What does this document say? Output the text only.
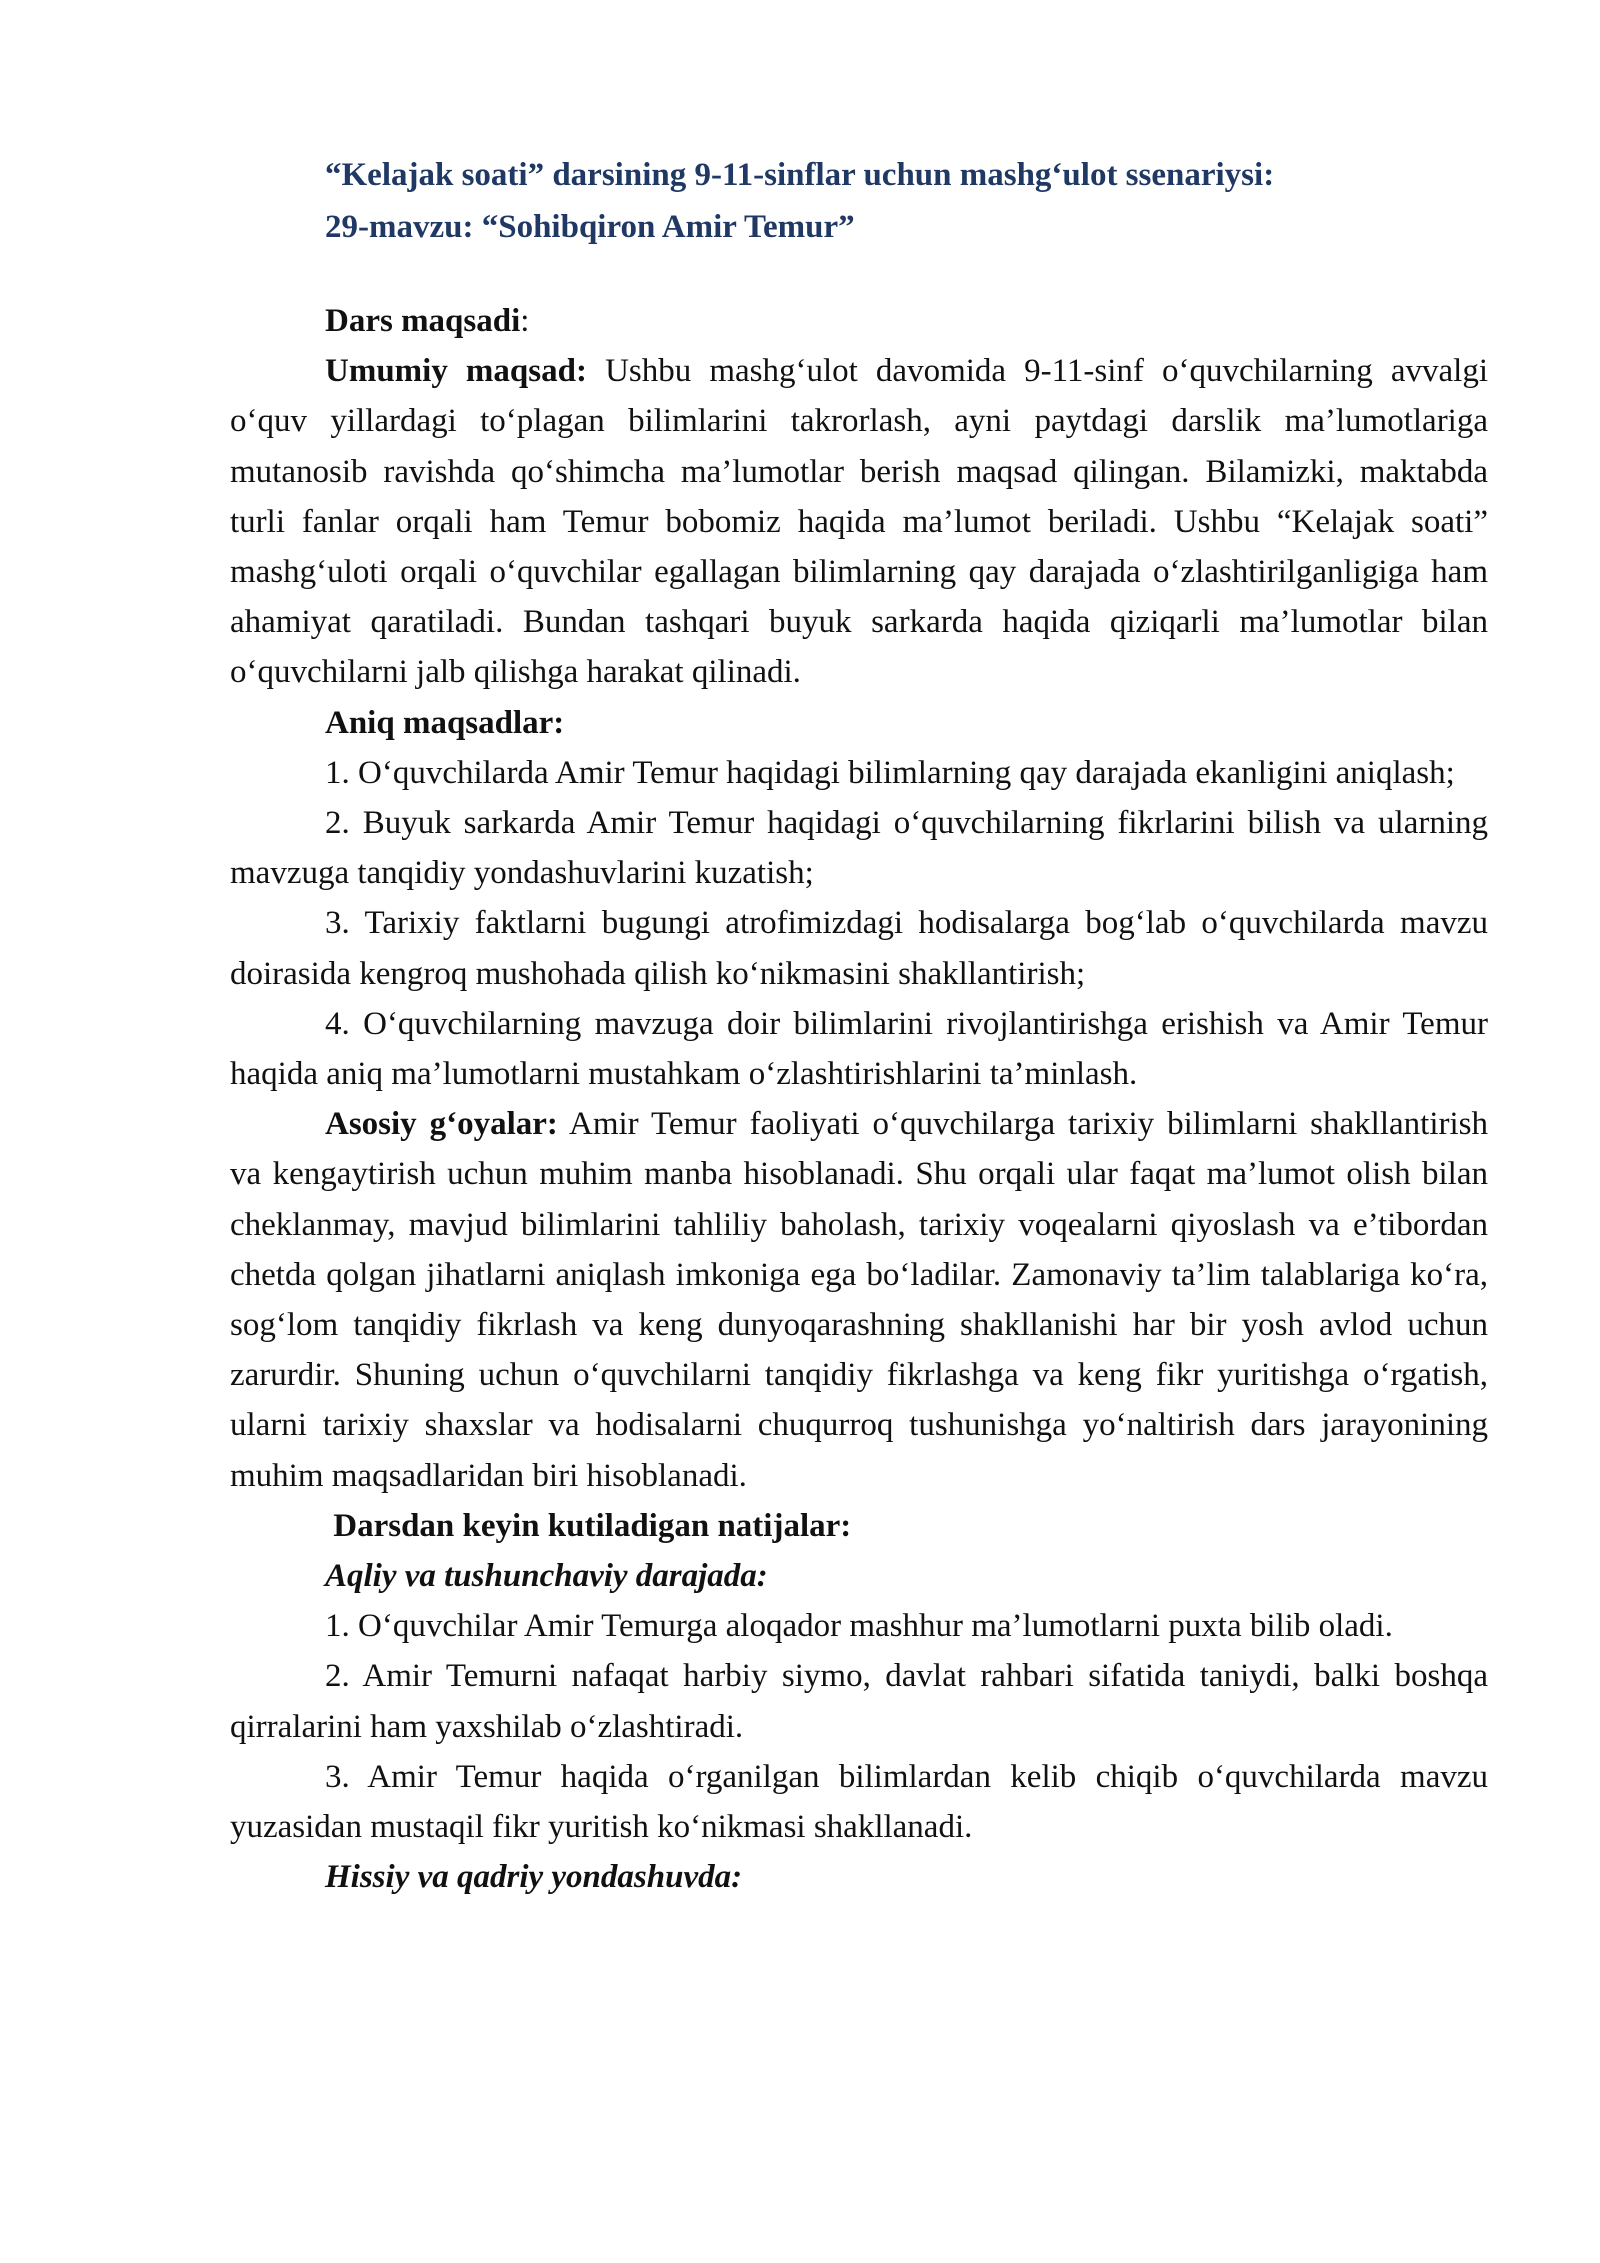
“Kelajak soati” darsining 9-11-sinflar uchun mashg‘ulot ssenariysi:

29-mavzu: “Sohibqiron Amir Temur”

Dars maqsadi:

Umumiy maqsad: Ushbu mashg‘ulot davomida 9-11-sinf o‘quvchilarning avvalgi o‘quv yillardagi to‘plagan bilimlarini takrorlash, ayni paytdagi darslik ma’lumotlariga mutanosib ravishda qo‘shimcha ma’lumotlar berish maqsad qilingan. Bilamizki, maktabda turli fanlar orqali ham Temur bobomiz haqida ma’lumot beriladi. Ushbu “Kelajak soati” mashg‘uloti orqali o‘quvchilar egallagan bilimlarning qay darajada o‘zlashtirilganligiga ham ahamiyat qaratiladi. Bundan tashqari buyuk sarkarda haqida qiziqarli ma’lumotlar bilan o‘quvchilarni jalb qilishga harakat qilinadi.

Aniq maqsadlar:

1. O‘quvchilarda Amir Temur haqidagi bilimlarning qay darajada ekanligini aniqlash;

2. Buyuk sarkarda Amir Temur haqidagi o‘quvchilarning fikrlarini bilish va ularning mavzuga tanqidiy yondashuvlarini kuzatish;

3. Tarixiy faktlarni bugungi atrofimizdagi hodisalarga bog‘lab o‘quvchilarda mavzu doirasida kengroq mushohada qilish ko‘nikmasini shakllantirish;

4. O‘quvchilarning mavzuga doir bilimlarini rivojlantirishga erishish va Amir Temur haqida aniq ma’lumotlarni mustahkam o‘zlashtirishlarini ta’minlash.

Asosiy g‘oyalar: Amir Temur faoliyati o‘quvchilarga tarixiy bilimlarni shakllantirish va kengaytirish uchun muhim manba hisoblanadi. Shu orqali ular faqat ma’lumot olish bilan cheklanmay, mavjud bilimlarini tahliliy baholash, tarixiy voqealarni qiyoslash va e’tibordan chetda qolgan jihatlarni aniqlash imkoniga ega bo‘ladilar. Zamonaviy ta’lim talablariga ko‘ra, sog‘lom tanqidiy fikrlash va keng dunyoqarashning shakllanishi har bir yosh avlod uchun zarurdir. Shuning uchun o‘quvchilarni tanqidiy fikrlashga va keng fikr yuritishga o‘rgatish, ularni tarixiy shaxslar va hodisalarni chuqurroq tushunishga yo‘naltirish dars jarayonining muhim maqsadlaridan biri hisoblanadi.

Darsdan keyin kutiladigan natijalar:

Aqliy va tushunchaviy darajada:

1. O‘quvchilar Amir Temurga aloqador mashhur ma’lumotlarni puxta bilib oladi.

2. Amir Temurni nafaqat harbiy siymo, davlat rahbari sifatida taniydi, balki boshqa qirralarini ham yaxshilab o‘zlashtiradi.

3. Amir Temur haqida o‘rganilgan bilimlardan kelib chiqib o‘quvchilarda mavzu yuzasidan mustaqil fikr yuritish ko‘nikmasi shakllanadi.

Hissiy va qadriy yondashuvda:
